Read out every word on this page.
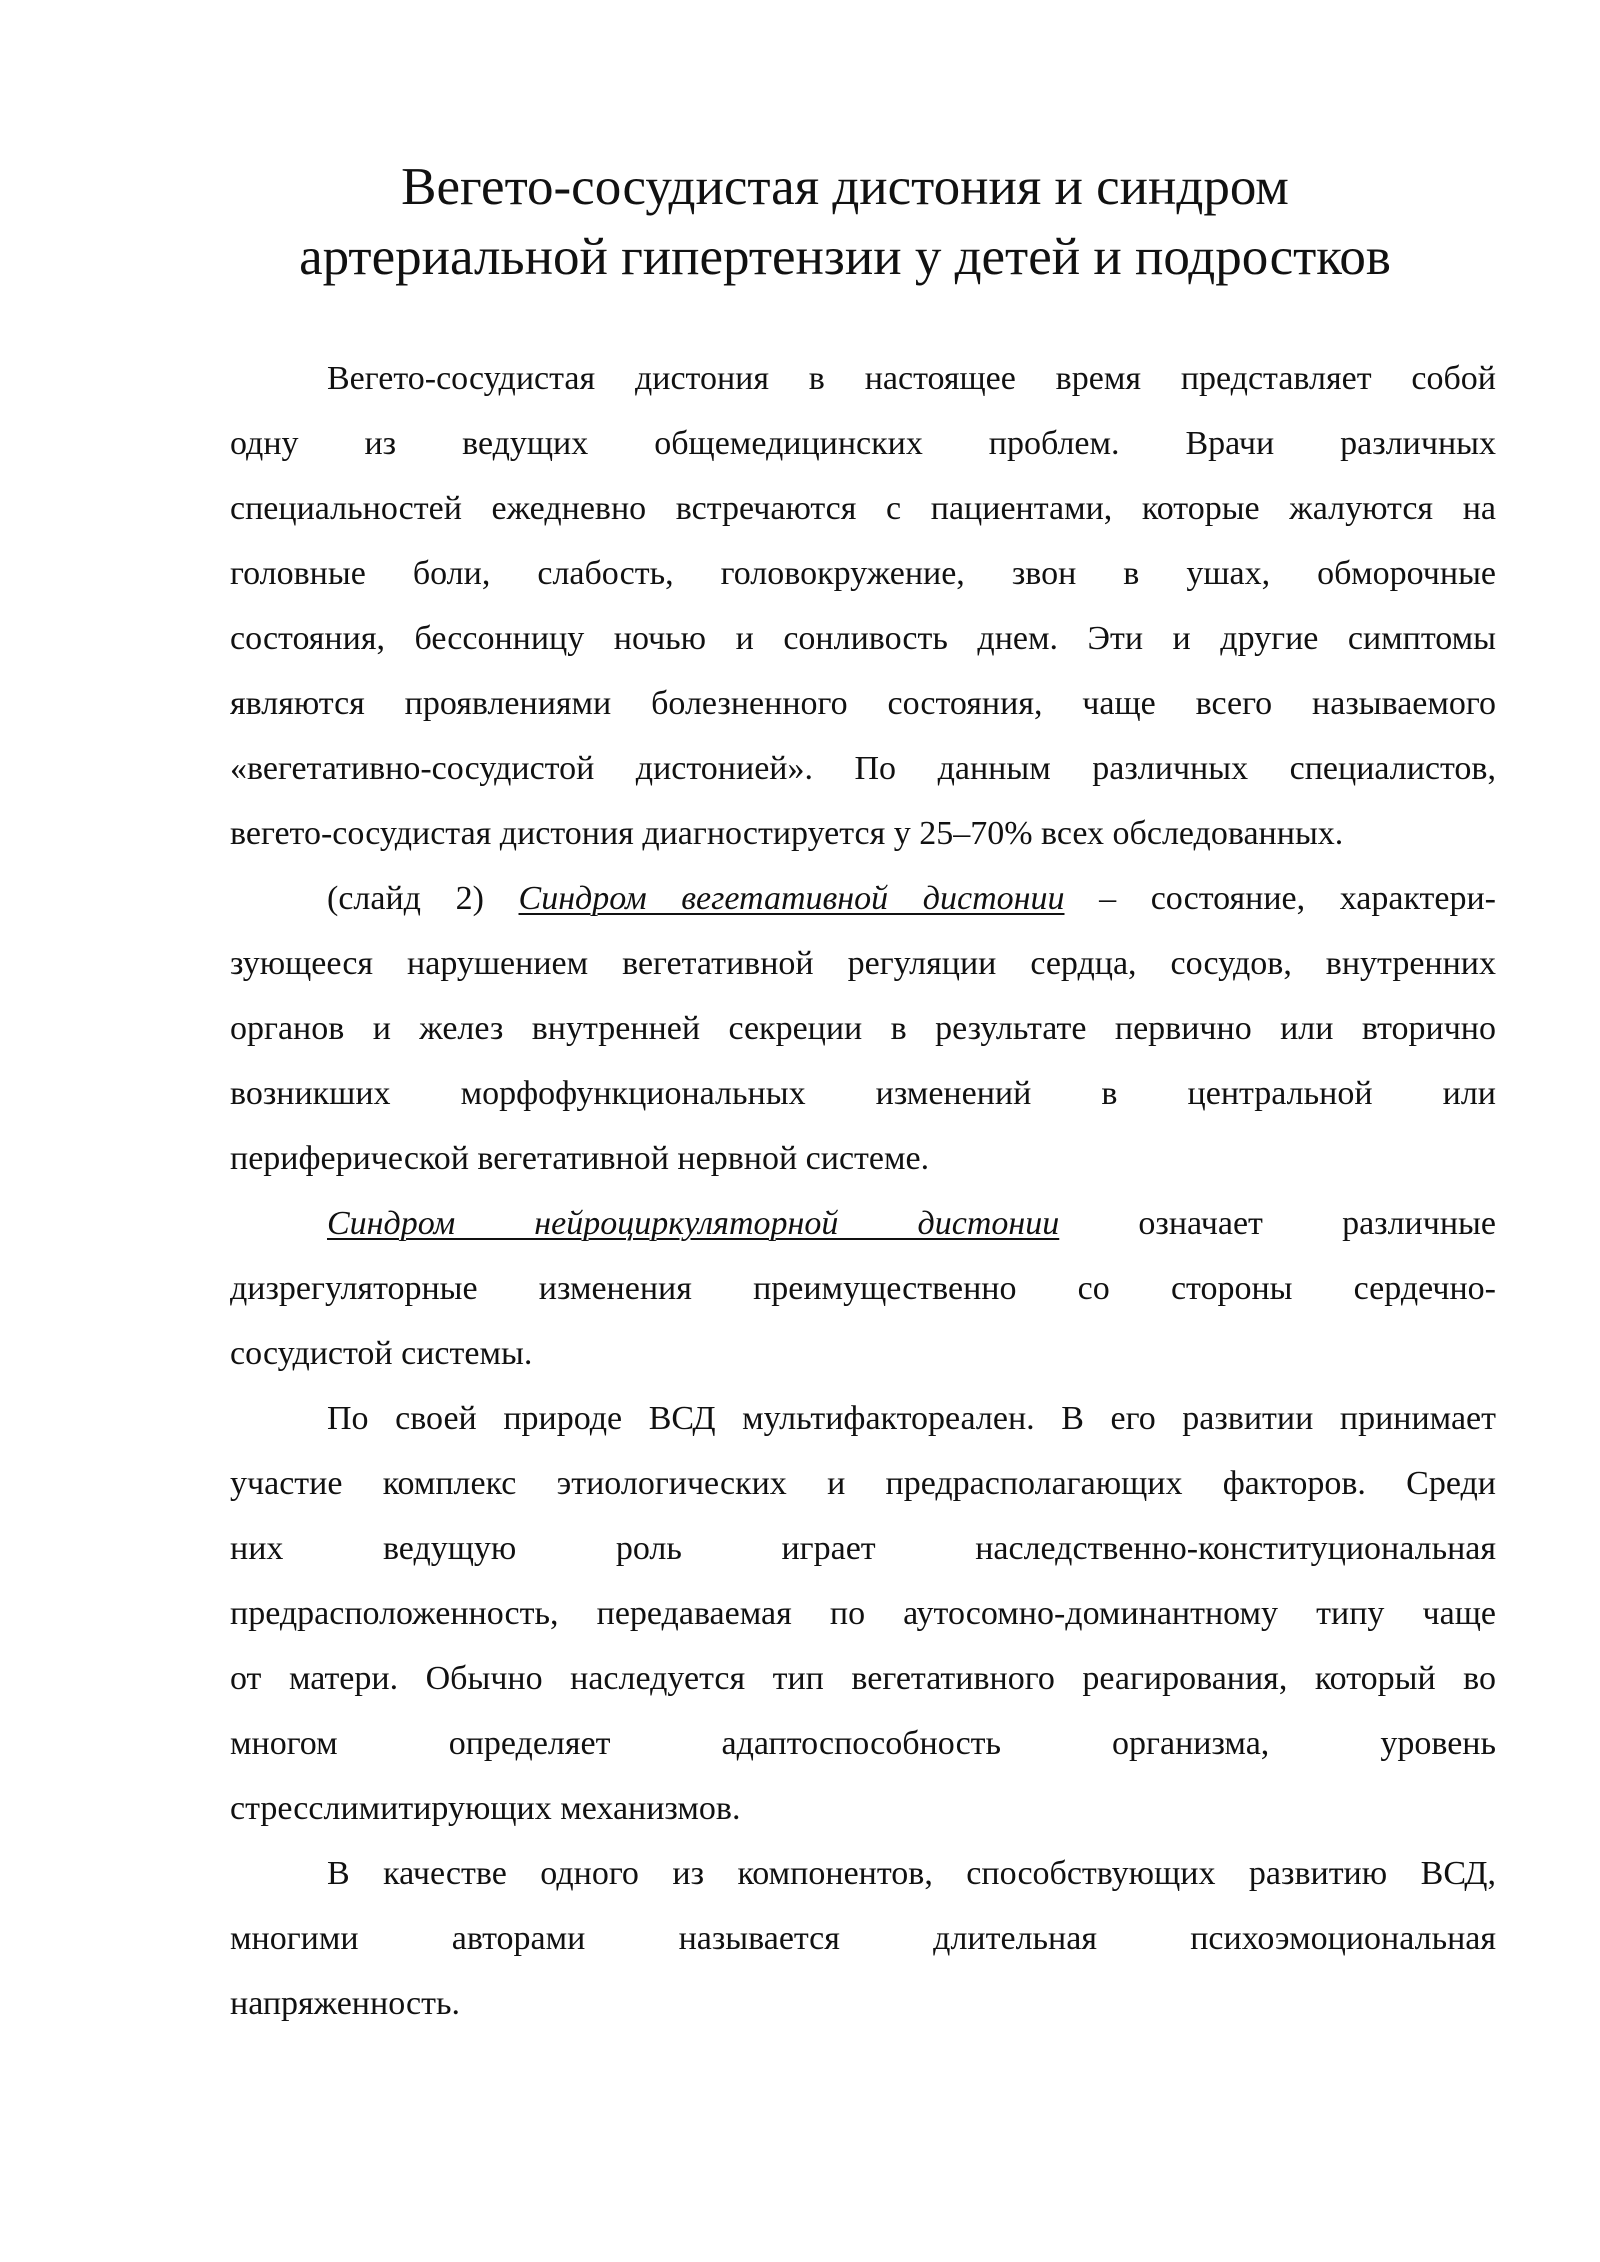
Вегето-сосудистая дистония и синдром
артериальной гипертензии у детей и подростков

Вегето-сосудистая дистония в настоящее время представляет собой
одну из ведущих общемедицинских проблем. Врачи различных
специальностей ежедневно встречаются с пациентами, которые жалуются на
головные боли, слабость, головокружение, звон в ушах, обморочные
состояния, бессонницу ночью и сонливость днем. Эти и другие симптомы
являются проявлениями болезненного состояния, чаще всего называемого
«вегетативно-сосудистой дистонией». По данным различных специалистов,
вегето-сосудистая дистония диагностируется у 25–70% всех обследованных.

(слайд 2) Синдром вегетативной дистонии – состояние, характери-
зующееся нарушением вегетативной регуляции сердца, сосудов, внутренних
органов и желез внутренней секреции в результате первично или вторично
возникших морфофункциональных изменений в центральной или
периферической вегетативной нервной системе.

Синдром нейроциркуляторной дистонии означает различные
дизрегуляторные изменения преимущественно со стороны сердечно-
сосудистой системы.

По своей природе ВСД мультифактореален. В его развитии принимает
участие комплекс этиологических и предрасполагающих факторов. Среди
них ведущую роль играет наследственно-конституциональная
предрасположенность, передаваемая по аутосомно-доминантному типу чаще
от матери. Обычно наследуется тип вегетативного реагирования, который во
многом определяет адаптоспособность организма, уровень
стресслимитирующих механизмов.

В качестве одного из компонентов, способствующих развитию ВСД,
многими авторами называется длительная психоэмоциональная
напряженность.
